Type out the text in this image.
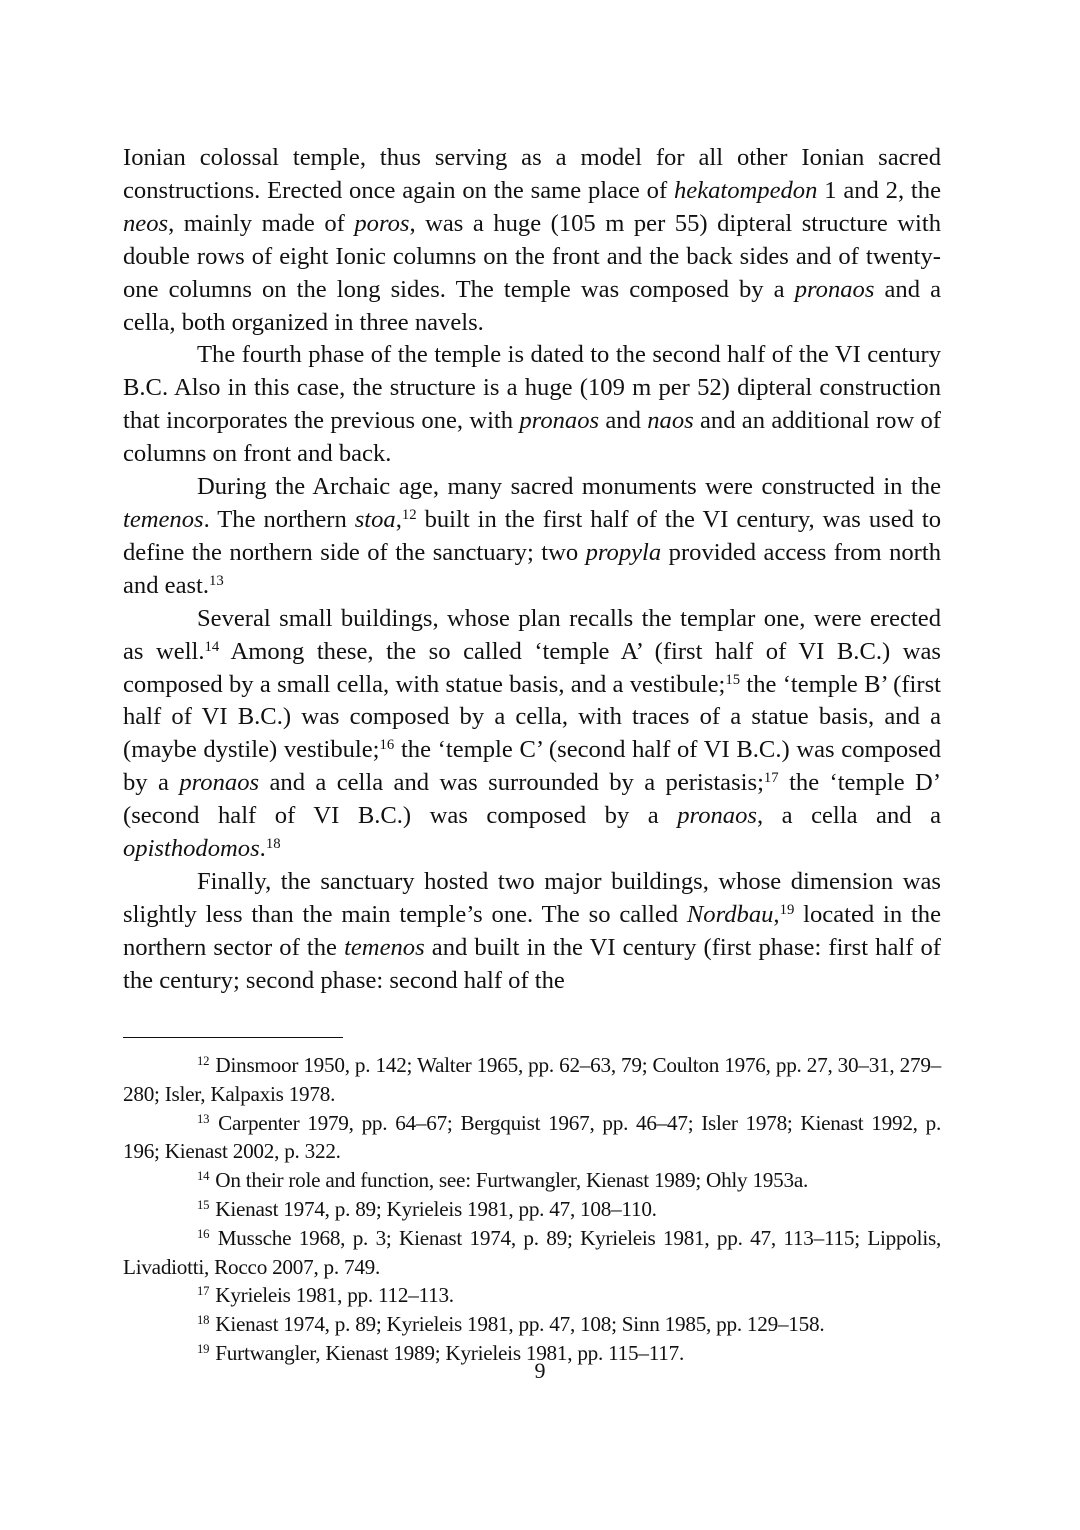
Ionian colossal temple, thus serving as a model for all other Ionian sacred constructions. Erected once again on the same place of hekatompedon 1 and 2, the neos, mainly made of poros, was a huge (105 m per 55) dipteral structure with double rows of eight Ionic columns on the front and the back sides and of twenty-one columns on the long sides. The temple was composed by a pronaos and a cella, both organized in three navels.

The fourth phase of the temple is dated to the second half of the VI century B.C. Also in this case, the structure is a huge (109 m per 52) dipteral construction that incorporates the previous one, with pronaos and naos and an additional row of columns on front and back.

During the Archaic age, many sacred monuments were constructed in the temenos. The northern stoa,$^{12}$ built in the first half of the VI century, was used to define the northern side of the sanctuary; two propyla provided access from north and east.$^{13}$

Several small buildings, whose plan recalls the templar one, were erected as well.$^{14}$ Among these, the so called ‘temple A’ (first half of VI B.C.) was composed by a small cella, with statue basis, and a vestibule;$^{15}$ the ‘temple B’ (first half of VI B.C.) was composed by a cella, with traces of a statue basis, and a (maybe dystile) vestibule;$^{16}$ the ‘temple C’ (second half of VI B.C.) was composed by a pronaos and a cella and was surrounded by a peristasis;$^{17}$ the ‘temple D’ (second half of VI B.C.) was composed by a pronaos, a cella and a opisthodomos.$^{18}$

Finally, the sanctuary hosted two major buildings, whose dimension was slightly less than the main temple’s one. The so called Nordbau,$^{19}$ located in the northern sector of the temenos and built in the VI century (first phase: first half of the century; second phase: second half of the

$^{12}$ Dinsmoor 1950, p. 142; Walter 1965, pp. 62–63, 79; Coulton 1976, pp. 27, 30–31, 279–280; Isler, Kalpaxis 1978.

$^{13}$ Carpenter 1979, pp. 64–67; Bergquist 1967, pp. 46–47; Isler 1978; Kienast 1992, p. 196; Kienast 2002, p. 322.

$^{14}$ On their role and function, see: Furtwangler, Kienast 1989; Ohly 1953a.

$^{15}$ Kienast 1974, p. 89; Kyrieleis 1981, pp. 47, 108–110.

$^{16}$ Mussche 1968, p. 3; Kienast 1974, p. 89; Kyrieleis 1981, pp. 47, 113–115; Lippolis, Livadiotti, Rocco 2007, p. 749.

$^{17}$ Kyrieleis 1981, pp. 112–113.

$^{18}$ Kienast 1974, p. 89; Kyrieleis 1981, pp. 47, 108; Sinn 1985, pp. 129–158.

$^{19}$ Furtwangler, Kienast 1989; Kyrieleis 1981, pp. 115–117.

9
